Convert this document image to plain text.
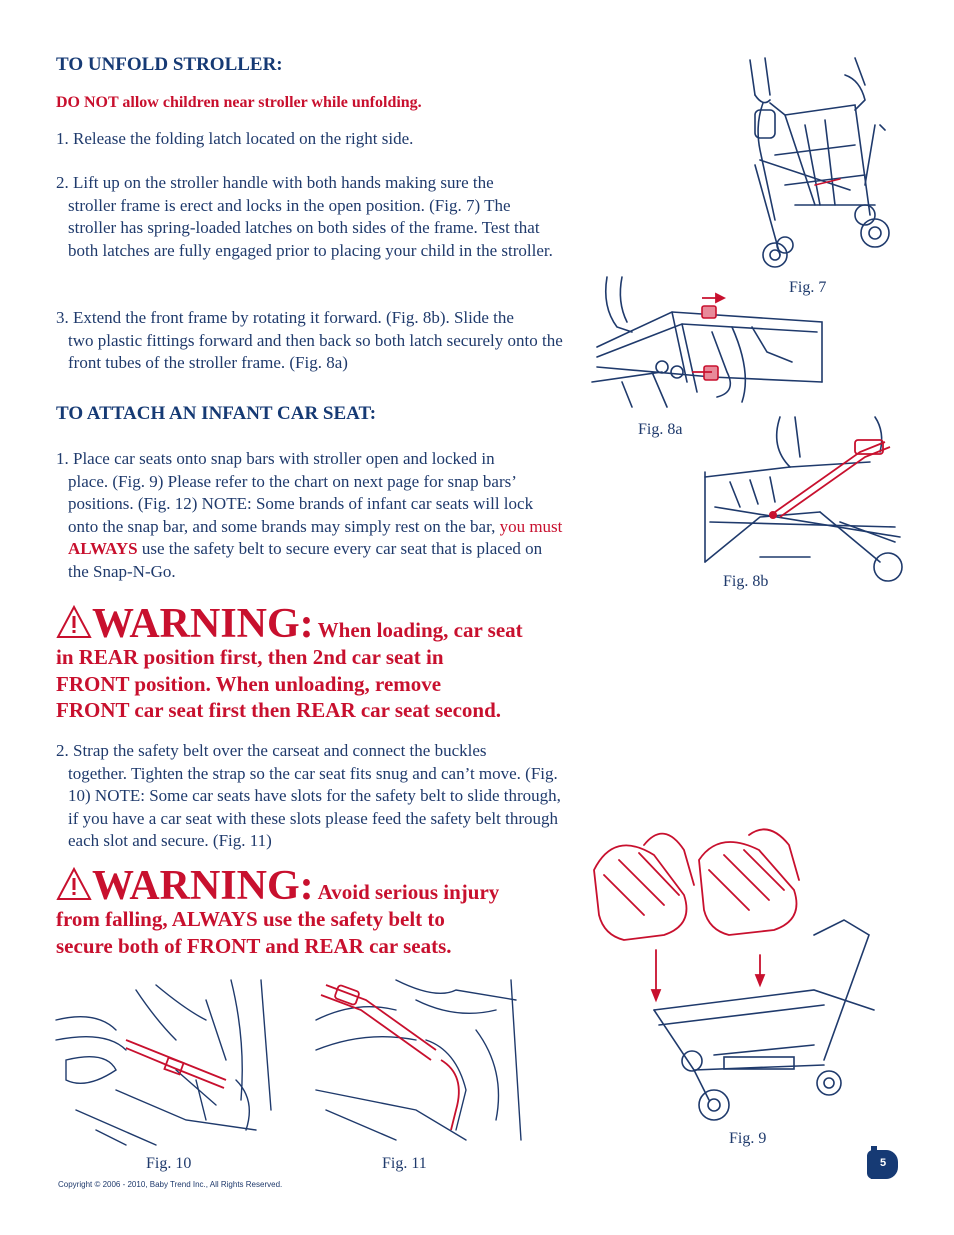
TO UNFOLD STROLLER:
DO NOT allow children near stroller while unfolding.
1. Release the folding latch located on the right side.
2. Lift up on the stroller handle with both hands making sure the
stroller frame is erect and locks in the open position. (Fig. 7) The stroller has spring-loaded latches on both sides of the frame. Test that both latches are fully engaged prior to placing your child in the stroller.
3. Extend the front frame by rotating it forward. (Fig. 8b). Slide the
two plastic fittings forward and then back so both latch securely onto the front tubes of the stroller frame. (Fig. 8a)
TO ATTACH AN INFANT CAR SEAT:
1. Place car seats onto snap bars with stroller open and locked in
place. (Fig. 9) Please refer to the chart on next page for snap bars’ positions. (Fig. 12) NOTE: Some brands of infant car seats will lock onto the snap bar, and some brands may simply rest on the bar, you must ALWAYS use the safety belt to secure every car seat that is placed on the Snap-N-Go.
WARNING: When loading, car seat
in REAR position first, then 2nd car seat in
FRONT position. When unloading, remove
FRONT car seat first then REAR car seat second.
2. Strap the safety belt over the carseat and connect the buckles
together. Tighten the strap so the car seat fits snug and can’t move. (Fig. 10) NOTE: Some car seats have slots for the safety belt to slide through, if you have a car seat with these slots please feed the safety belt through each slot and secure. (Fig. 11)
WARNING: Avoid serious injury
from falling, ALWAYS use the safety belt to
secure both of FRONT and REAR car seats.
Fig. 7
Fig. 8a
Fig. 8b
Fig. 9
Fig. 10	Fig. 11
Copyright © 2006 - 2010, Baby Trend Inc., All Rights Reserved.
5
